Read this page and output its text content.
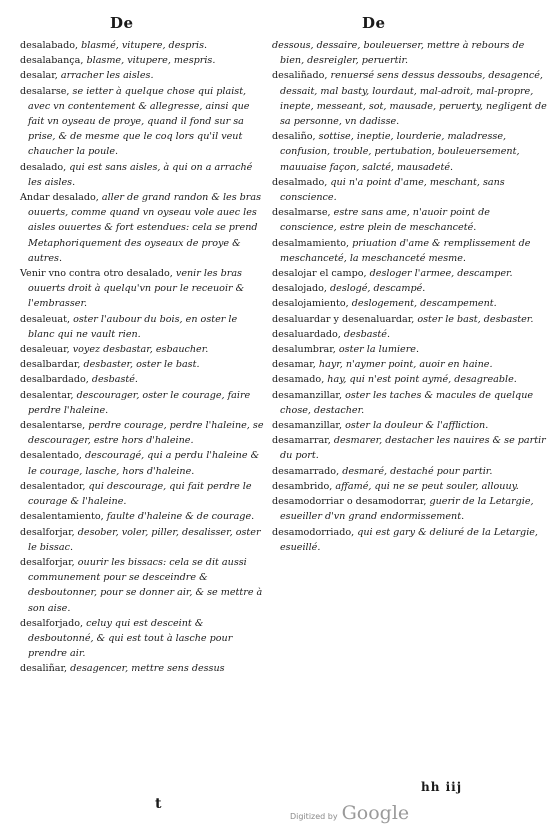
De	De
desalabado, blasmé, vitupere, despris.
desalabança, blasme, vitupere, mespris.
desalar, arracher les aisles.
desalarse, se ietter à quelque chose qui plaist, avec vn contentement & allegresse, ainsi que fait vn oyseau de proye, quand il fond sur sa prise, & de mesme que le coq lors qu'il veut chaucher la poule.
desalado, qui est sans aisles, à qui on a arraché les aisles.
Andar desalado, aller de grand randon & les bras ouuerts, comme quand vn oyseau vole auec les aisles ouuertes & fort estendues: cela se prend Metaphoriquement des oyseaux de proye & autres.
Venir vno contra otro desalado, venir les bras ouuerts droit à quelqu'vn pour le receuoir & l'embrasser.
desaleuat, oster l'aubour du bois, en oster le blanc qui ne vault rien.
desaleuar, voyez desbastar, esbaucher.
desalbardar, desbaster, oster le bast.
desalbardado, desbasté.
desalentar, descourager, oster le courage, faire perdre l'haleine.
desalentarse, perdre courage, perdre l'haleine, se descourager, estre hors d'haleine.
desalentado, descouragé, qui a perdu l'haleine & le courage, lasche, hors d'haleine.
desalentador, qui descourage, qui fait perdre le courage & l'haleine.
desalentamiento, faulte d'haleine & de courage.
desalforjar, desober, voler, piller, desalisser, oster le bissac.
desalforjar, ouurir les bissacs: cela se dit aussi communement pour se desceindre & desboutonner, pour se donner air, & se mettre à son aise.
desalforjado, celuy qui est desceint & desboutonné, & qui est tout à lasche pour prendre air.
desaliñar, desagencer, mettre sens dessus
dessous, dessaire, bouleuerser, mettre à rebours de bien, desreigler, peruertir.
desaliñado, renuersé sens dessus dessoubs, desagencé, dessait, mal basty, lourdaut, mal-adroit, mal-propre, inepte, messeant, sot, mausade, peruerty, negligent de sa personne, vn dadisse.
desaliño, sottise, ineptie, lourderie, maladresse, confusion, trouble, pertubation, bouleuersement, mauuaise façon, salcté, mausadeté.
desalmado, qui n'a point d'ame, meschant, sans conscience.
desalmarse, estre sans ame, n'auoir point de conscience, estre plein de meschanceté.
desalmamiento, priuation d'ame & remplissement de meschanceté, la meschanceté mesme.
desalojar el campo, desloger l'armee, descamper.
desalojado, deslogé, descampé.
desalojamiento, deslogement, descampement.
desaluardar y desenaluardar, oster le bast, desbaster.
desaluardado, desbasté.
desalumbrar, oster la lumiere.
desamar, hayr, n'aymer point, auoir en haine.
desamado, hay, qui n'est point aymé, desagreable.
desamanzillar, oster les taches & macules de quelque chose, destacher.
desamanzillar, oster la douleur & l'affliction.
desamarrar, desmarer, destacher les nauires & se partir du port.
desamarrado, desmaré, destaché pour partir.
desambrido, affamé, qui ne se peut souler, allouuy.
desamodorriar o desamodorrar, guerir de la Letargie, esueiller d'vn grand endormissement.
desamodorriado, qui est gary & deliuré de la Letargie, esueillé.
hh iij
t
Digitized by Google
